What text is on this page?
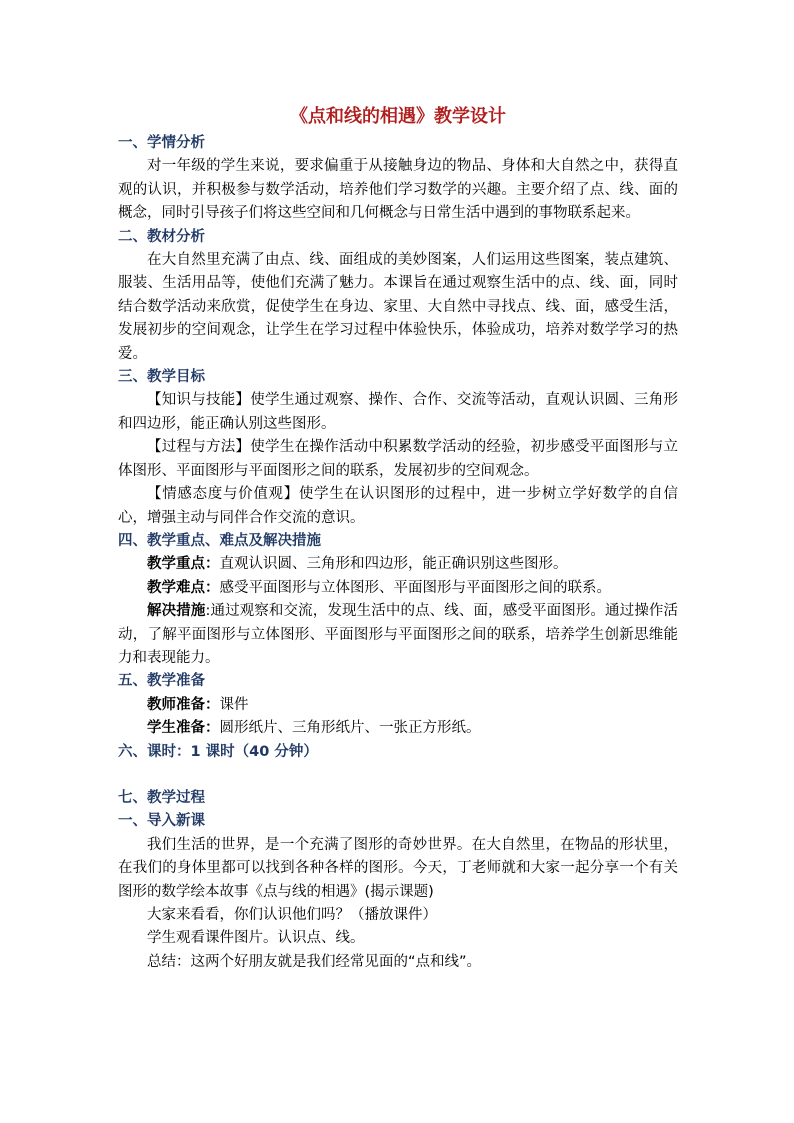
《点和线的相遇》教学设计
一、学情分析
对一年级的学生来说，要求偏重于从接触身边的物品、身体和大自然之中，获得直观的认识，并积极参与数学活动，培养他们学习数学的兴趣。主要介绍了点、线、面的概念，同时引导孩子们将这些空间和几何概念与日常生活中遇到的事物联系起来。
二、教材分析
在大自然里充满了由点、线、面组成的美妙图案，人们运用这些图案，装点建筑、服装、生活用品等，使他们充满了魅力。本课旨在通过观察生活中的点、线、面，同时结合数学活动来欣赏，促使学生在身边、家里、大自然中寻找点、线、面，感受生活，发展初步的空间观念，让学生在学习过程中体验快乐，体验成功，培养对数学学习的热爱。
三、教学目标
【知识与技能】使学生通过观察、操作、合作、交流等活动，直观认识圆、三角形和四边形，能正确认别这些图形。
【过程与方法】使学生在操作活动中积累数学活动的经验，初步感受平面图形与立体图形、平面图形与平面图形之间的联系，发展初步的空间观念。
【情感态度与价值观】使学生在认识图形的过程中，进一步树立学好数学的自信心，增强主动与同伴合作交流的意识。
四、教学重点、难点及解决措施
教学重点：直观认识圆、三角形和四边形，能正确识别这些图形。
教学难点：感受平面图形与立体图形、平面图形与平面图形之间的联系。
解决措施:通过观察和交流，发现生活中的点、线、面，感受平面图形。通过操作活动，了解平面图形与立体图形、平面图形与平面图形之间的联系，培养学生创新思维能力和表现能力。
五、教学准备
教师准备：课件
学生准备：圆形纸片、三角形纸片、一张正方形纸。
六、课时：1 课时（40 分钟）
七、教学过程
一、导入新课
我们生活的世界，是一个充满了图形的奇妙世界。在大自然里，在物品的形状里，在我们的身体里都可以找到各种各样的图形。今天，丁老师就和大家一起分享一个有关图形的数学绘本故事《点与线的相遇》(揭示课题)
大家来看看，你们认识他们吗？（播放课件）
学生观看课件图片。认识点、线。
总结：这两个好朋友就是我们经常见面的“点和线”。
